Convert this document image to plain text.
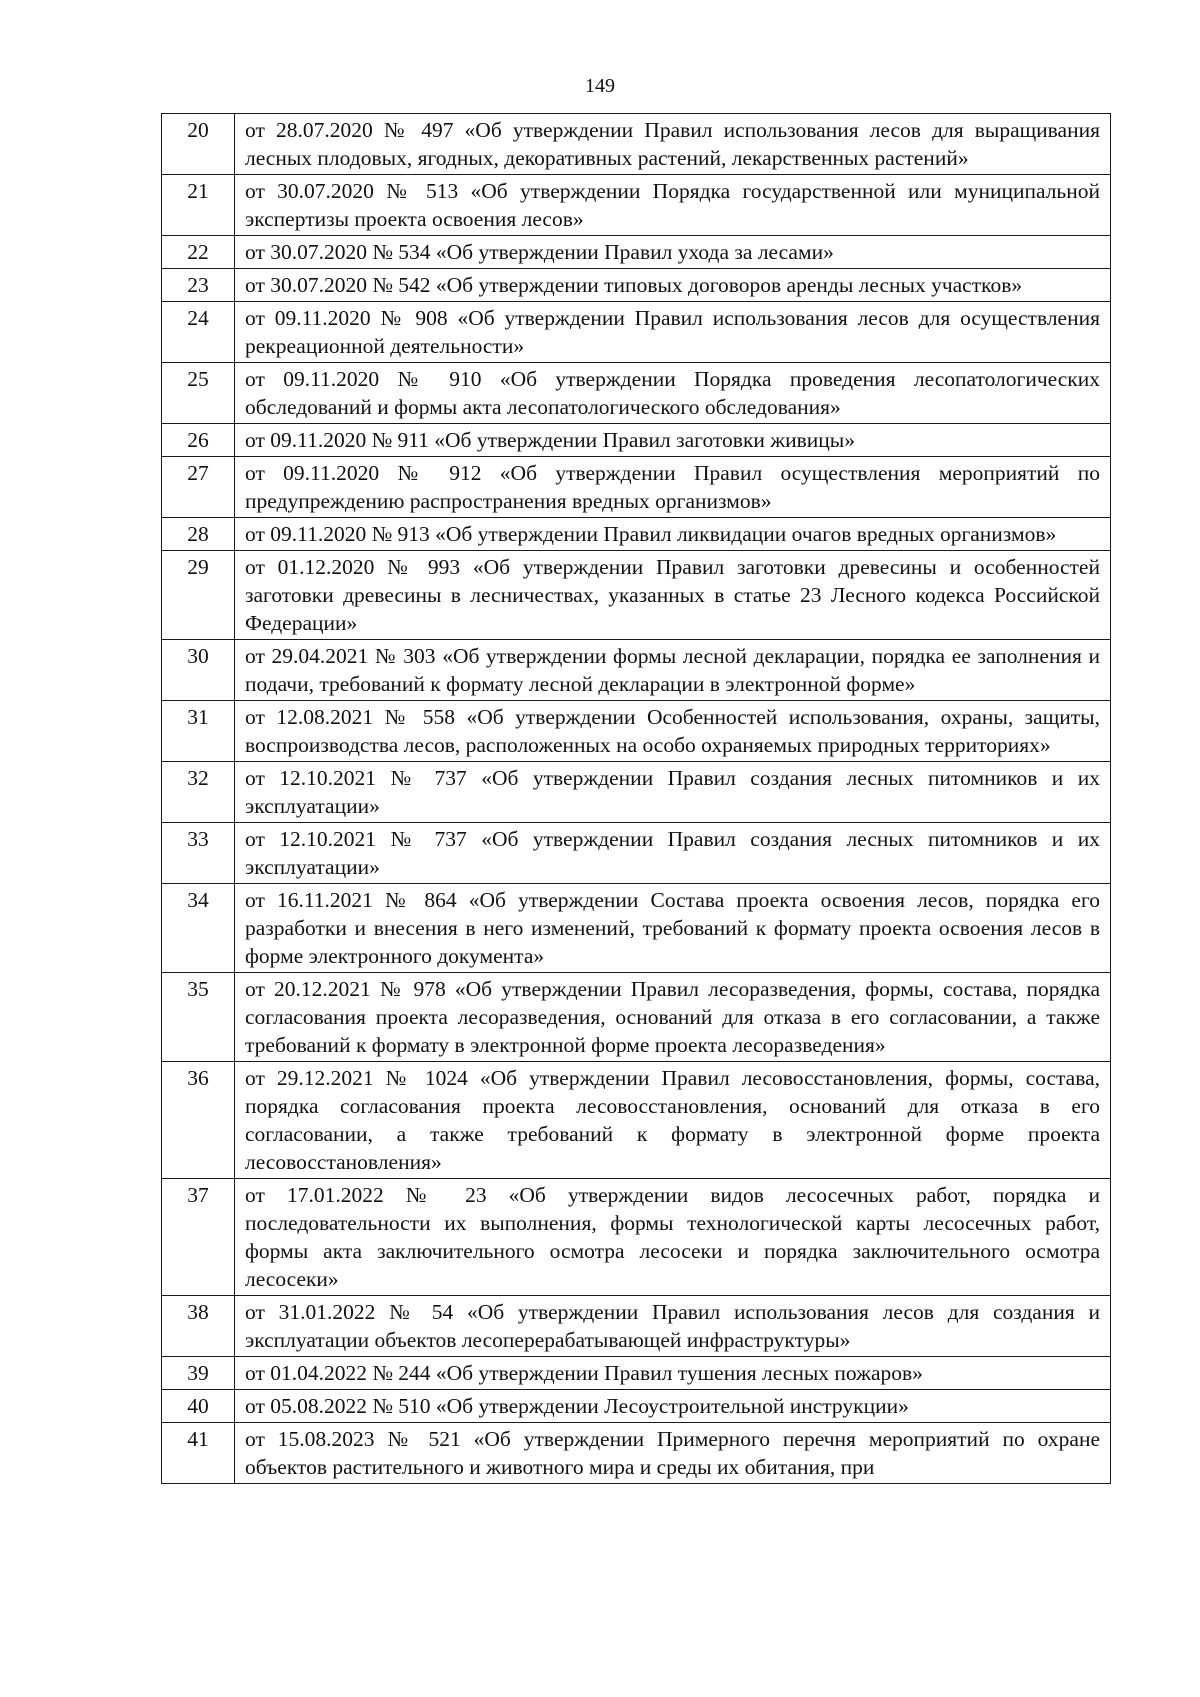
149
20	от 28.07.2020 № 497 «Об утверждении Правил использования лесов для выращивания лесных плодовых, ягодных, декоративных растений, лекарственных растений»
21	от 30.07.2020 № 513 «Об утверждении Порядка государственной или муниципальной экспертизы проекта освоения лесов»
22	от 30.07.2020 № 534 «Об утверждении Правил ухода за лесами»
23	от 30.07.2020 № 542 «Об утверждении типовых договоров аренды лесных участков»
24	от 09.11.2020 № 908 «Об утверждении Правил использования лесов для осуществления рекреационной деятельности»
25	от 09.11.2020 № 910 «Об утверждении Порядка проведения лесопатологических обследований и формы акта лесопатологического обследования»
26	от 09.11.2020 № 911 «Об утверждении Правил заготовки живицы»
27	от 09.11.2020 № 912 «Об утверждении Правил осуществления мероприятий по предупреждению распространения вредных организмов»
28	от 09.11.2020 № 913 «Об утверждении Правил ликвидации очагов вредных организмов»
29	от 01.12.2020 № 993 «Об утверждении Правил заготовки древесины и особенностей заготовки древесины в лесничествах, указанных в статье 23 Лесного кодекса Российской Федерации»
30	от 29.04.2021 № 303 «Об утверждении формы лесной декларации, порядка ее заполнения и подачи, требований к формату лесной декларации в электронной форме»
31	от 12.08.2021 № 558 «Об утверждении Особенностей использования, охраны, защиты, воспроизводства лесов, расположенных на особо охраняемых природных территориях»
32	от 12.10.2021 № 737 «Об утверждении Правил создания лесных питомников и их эксплуатации»
33	от 12.10.2021 № 737 «Об утверждении Правил создания лесных питомников и их эксплуатации»
34	от 16.11.2021 № 864 «Об утверждении Состава проекта освоения лесов, порядка его разработки и внесения в него изменений, требований к формату проекта освоения лесов в форме электронного документа»
35	от 20.12.2021 № 978 «Об утверждении Правил лесоразведения, формы, состава, порядка согласования проекта лесоразведения, оснований для отказа в его согласовании, а также требований к формату в электронной форме проекта лесоразведения»
36	от 29.12.2021 № 1024 «Об утверждении Правил лесовосстановления, формы, состава, порядка согласования проекта лесовосстановления, оснований для отказа в его согласовании, а также требований к формату в электронной форме проекта лесовосстановления»
37	от 17.01.2022 № 23 «Об утверждении видов лесосечных работ, порядка и последовательности их выполнения, формы технологической карты лесосечных работ, формы акта заключительного осмотра лесосеки и порядка заключительного осмотра лесосеки»
38	от 31.01.2022 № 54 «Об утверждении Правил использования лесов для создания и эксплуатации объектов лесоперерабатывающей инфраструктуры»
39	от 01.04.2022 № 244 «Об утверждении Правил тушения лесных пожаров»
40	от 05.08.2022 № 510 «Об утверждении Лесоустроительной инструкции»
41	от 15.08.2023 № 521 «Об утверждении Примерного перечня мероприятий по охране объектов растительного и животного мира и среды их обитания, при
